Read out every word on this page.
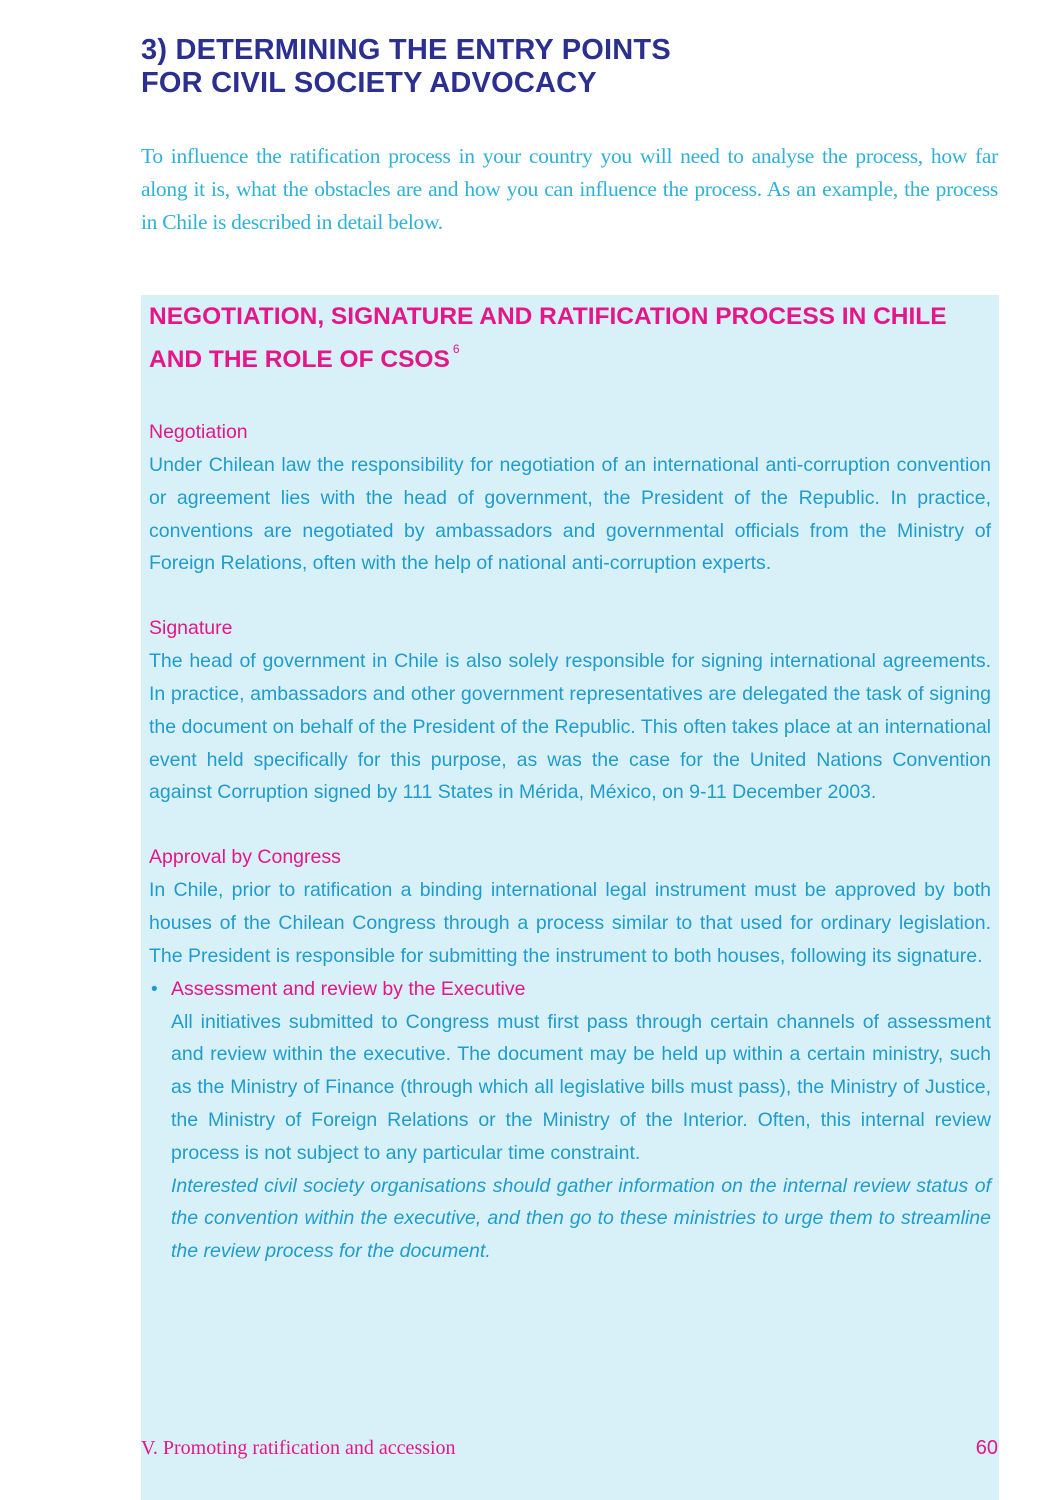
3) DETERMINING THE ENTRY POINTS
FOR CIVIL SOCIETY ADVOCACY

To influence the ratification process in your country you will need to analyse the process, how far along it is, what the obstacles are and how you can influence the process. As an example, the process in Chile is described in detail below.

NEGOTIATION, SIGNATURE AND RATIFICATION PROCESS IN CHILE
AND THE ROLE OF CSOS $^6$

Negotiation

Under Chilean law the responsibility for negotiation of an international anti-corruption convention or agreement lies with the head of government, the President of the Republic. In practice, conventions are negotiated by ambassadors and governmental officials from the Ministry of Foreign Relations, often with the help of national anti-corruption experts.

Signature

The head of government in Chile is also solely responsible for signing international agreements. In practice, ambassadors and other government representatives are delegated the task of signing the document on behalf of the President of the Republic. This often takes place at an international event held specifically for this purpose, as was the case for the United Nations Convention against Corruption signed by 111 States in Mérida, México, on 9-11 December 2003.

Approval by Congress

In Chile, prior to ratification a binding international legal instrument must be approved by both houses of the Chilean Congress through a process similar to that used for ordinary legislation. The President is responsible for submitting the instrument to both houses, following its signature.

• Assessment and review by the Executive

All initiatives submitted to Congress must first pass through certain channels of assessment and review within the executive. The document may be held up within a certain ministry, such as the Ministry of Finance (through which all legislative bills must pass), the Ministry of Justice, the Ministry of Foreign Relations or the Ministry of the Interior. Often, this internal review process is not subject to any particular time constraint.

Interested civil society organisations should gather information on the internal review status of the convention within the executive, and then go to these ministries to urge them to streamline the review process for the document.

V. Promoting ratification and accession	60
